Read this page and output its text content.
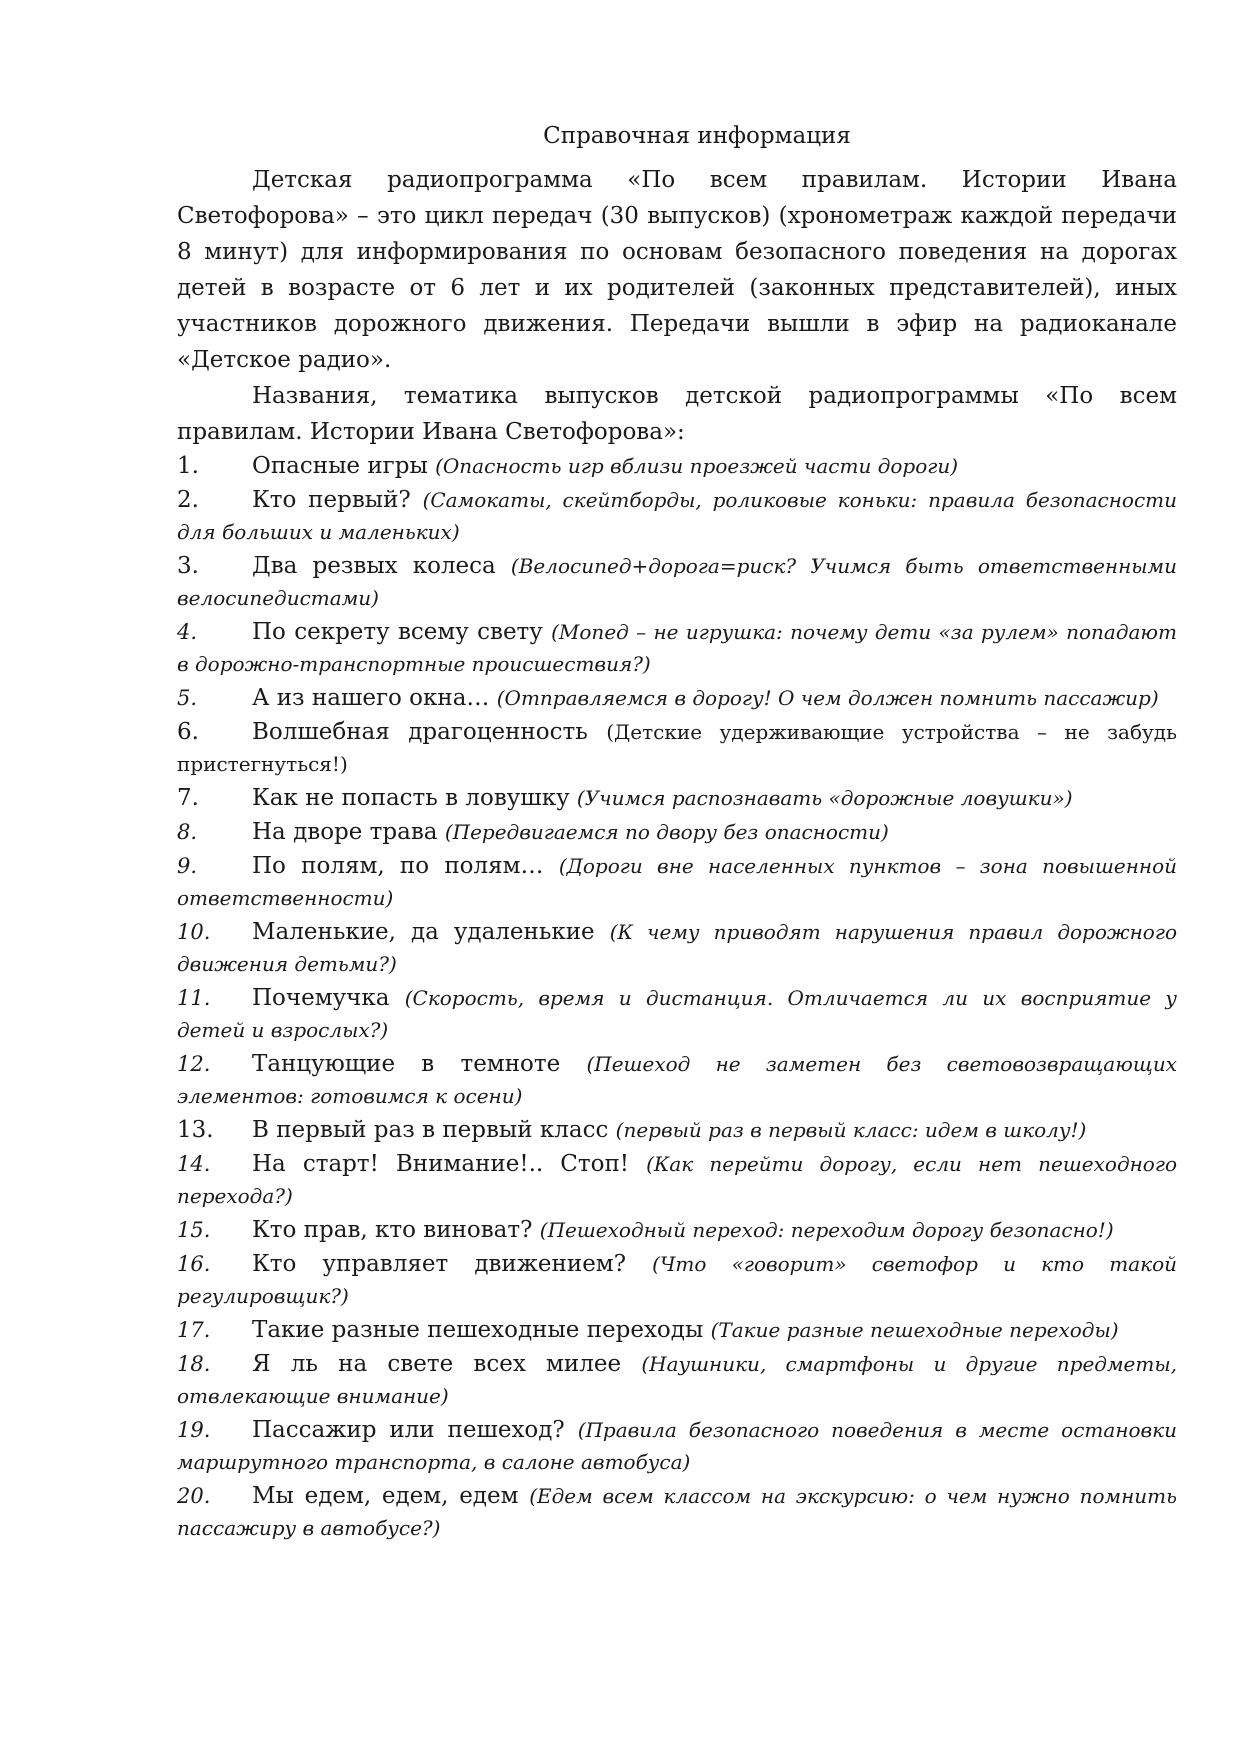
Справочная информация

Детская радиопрограмма «По всем правилам. Истории Ивана Светофорова» – это цикл передач (30 выпусков) (хронометраж каждой передачи 8 минут) для информирования по основам безопасного поведения на дорогах детей в возрасте от 6 лет и их родителей (законных представителей), иных участников дорожного движения. Передачи вышли в эфир на радиоканале «Детское радио».

Названия, тематика выпусков детской радиопрограммы «По всем правилам. Истории Ивана Светофорова»:

1. Опасные игры (Опасность игр вблизи проезжей части дороги)
2. Кто первый? (Самокаты, скейтборды, роликовые коньки: правила безопасности для больших и маленьких)
3. Два резвых колеса (Велосипед+дорога=риск? Учимся быть ответственными велосипедистами)
4. По секрету всему свету (Мопед – не игрушка: почему дети «за рулем» попадают в дорожно-транспортные происшествия?)
5. А из нашего окна… (Отправляемся в дорогу! О чем должен помнить пассажир)
6. Волшебная драгоценность (Детские удерживающие устройства – не забудь пристегнуться!)
7. Как не попасть в ловушку (Учимся распознавать «дорожные ловушки»)
8. На дворе трава (Передвигаемся по двору без опасности)
9. По полям, по полям… (Дороги вне населенных пунктов – зона повышенной ответственности)
10. Маленькие, да удаленькие (К чему приводят нарушения правил дорожного движения детьми?)
11. Почемучка (Скорость, время и дистанция. Отличается ли их восприятие у детей и взрослых?)
12. Танцующие в темноте (Пешеход не заметен без световозвращающих элементов: готовимся к осени)
13. В первый раз в первый класс (первый раз в первый класс: идем в школу!)
14. На старт! Внимание!.. Стоп! (Как перейти дорогу, если нет пешеходного перехода?)
15. Кто прав, кто виноват? (Пешеходный переход: переходим дорогу безопасно!)
16. Кто управляет движением? (Что «говорит» светофор и кто такой регулировщик?)
17. Такие разные пешеходные переходы (Такие разные пешеходные переходы)
18. Я ль на свете всех милее (Наушники, смартфоны и другие предметы, отвлекающие внимание)
19. Пассажир или пешеход? (Правила безопасного поведения в месте остановки маршрутного транспорта, в салоне автобуса)
20. Мы едем, едем, едем (Едем всем классом на экскурсию: о чем нужно помнить пассажиру в автобусе?)
